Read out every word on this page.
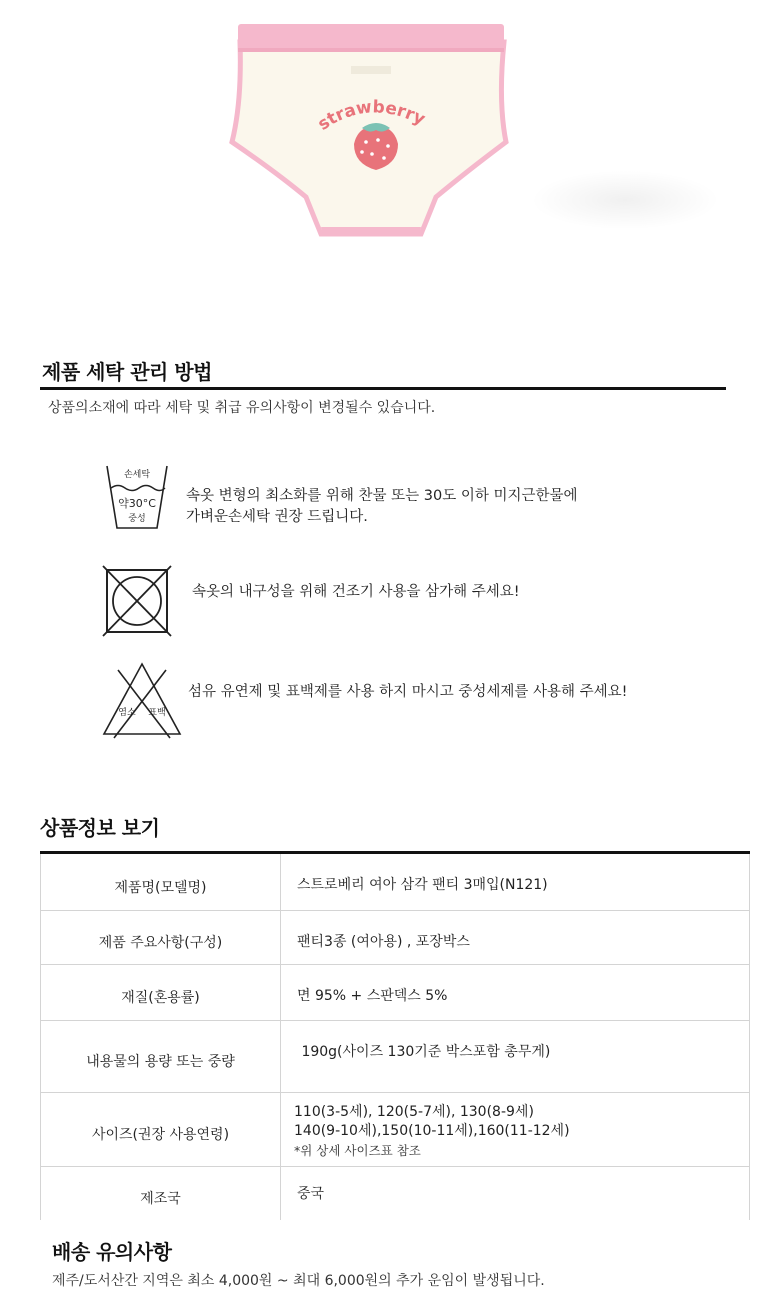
strawberry
제품 세탁 관리 방법
상품의소재에 따라 세탁 및 취급 유의사항이 변경될수 있습니다.
손세탁
약30°C
중성
속옷 변형의 최소화를 위해 찬물 또는 30도 이하 미지근한물에
가벼운손세탁 권장 드립니다.
속옷의 내구성을 위해 건조기 사용을 삼가해 주세요!
염소 표백
섬유 유연제 및 표백제를 사용 하지 마시고 중성세제를 사용해 주세요!
상품정보 보기
제품명(모델명)	스트로베리 여아 삼각 팬티 3매입(N121)
제품 주요사항(구성)	팬티3종 (여아용) , 포장박스
재질(혼용률)	면 95% + 스판덱스 5%
내용물의 용량 또는 중량	190g(사이즈 130기준 박스포함 총무게)
사이즈(권장 사용연령)	110(3-5세), 120(5-7세), 130(8-9세)
140(9-10세),150(10-11세),160(11-12세)
*위 상세 사이즈표 참조

제조국	중국
배송 유의사항
제주/도서산간 지역은 최소 4,000원 ~ 최대 6,000원의 추가 운임이 발생됩니다.
